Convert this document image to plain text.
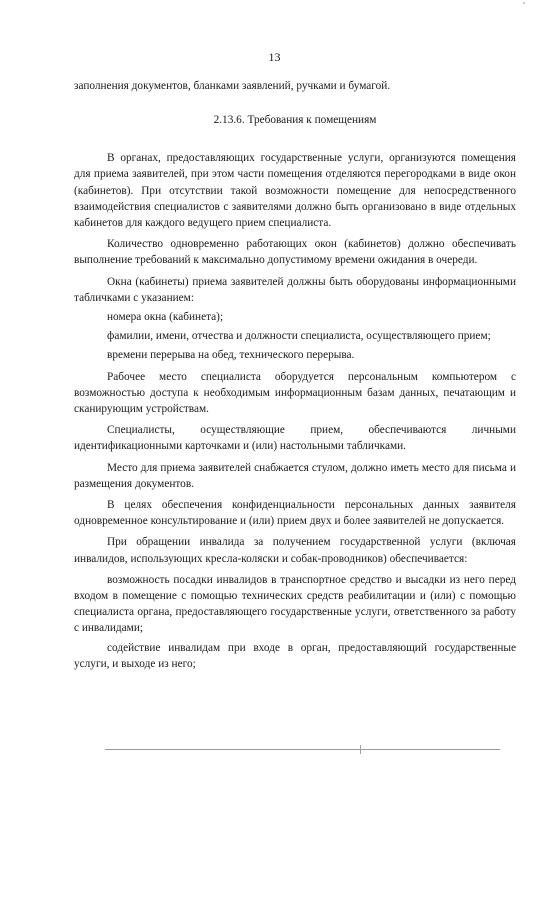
13

заполнения документов, бланками заявлений, ручками и бумагой.

2.13.6. Требования к помещениям

В органах, предоставляющих государственные услуги, организуются помещения для приема заявителей, при этом части помещения отделяются перегородками в виде окон (кабинетов). При отсутствии такой возможности помещение для непосредственного взаимодействия специалистов с заявителями должно быть организовано в виде отдельных кабинетов для каждого ведущего прием специалиста.

Количество одновременно работающих окон (кабинетов) должно обеспечивать выполнение требований к максимально допустимому времени ожидания в очереди.

Окна (кабинеты) приема заявителей должны быть оборудованы информационными табличками с указанием:

номера окна (кабинета);

фамилии, имени, отчества и должности специалиста, осуществляющего прием;

времени перерыва на обед, технического перерыва.

Рабочее место специалиста оборудуется персональным компьютером с возможностью доступа к необходимым информационным базам данных, печатающим и сканирующим устройствам.

Специалисты, осуществляющие прием, обеспечиваются личными идентификационными карточками и (или) настольными табличками.

Место для приема заявителей снабжается стулом, должно иметь место для письма и размещения документов.

В целях обеспечения конфиденциальности персональных данных заявителя одновременное консультирование и (или) прием двух и более заявителей не допускается.

При обращении инвалида за получением государственной услуги (включая инвалидов, использующих кресла-коляски и собак-проводников) обеспечивается:

возможность посадки инвалидов в транспортное средство и высадки из него перед входом в помещение с помощью технических средств реабилитации и (или) с помощью специалиста органа, предоставляющего государственные услуги, ответственного за работу с инвалидами;

содействие инвалидам при входе в орган, предоставляющий государственные услуги, и выходе из него;
